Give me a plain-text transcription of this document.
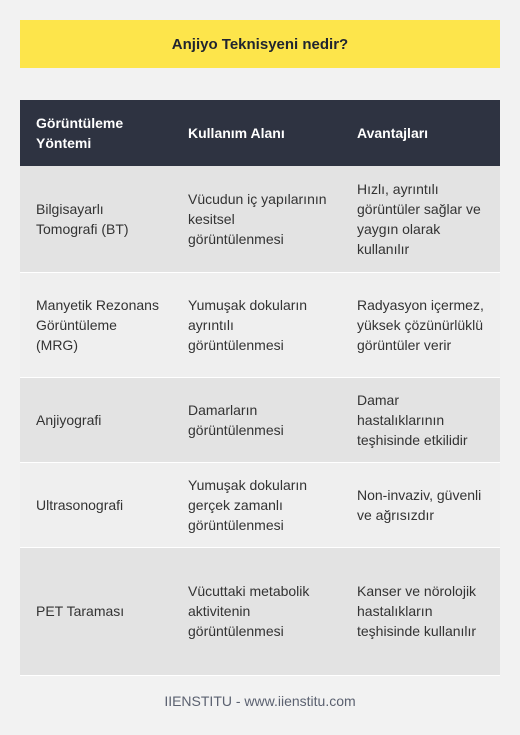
Anjiyo Teknisyeni nedir?
Görüntüleme Yöntemi	Kullanım Alanı	Avantajları
Bilgisayarlı Tomografi (BT)	Vücudun iç yapılarının kesitsel görüntülenmesi	Hızlı, ayrıntılı görüntüler sağlar ve yaygın olarak kullanılır
Manyetik Rezonans Görüntüleme (MRG)	Yumuşak dokuların ayrıntılı görüntülenmesi	Radyasyon içermez, yüksek çözünürlüklü görüntüler verir
Anjiyografi	Damarların görüntülenmesi	Damar hastalıklarının teşhisinde etkilidir
Ultrasonografi	Yumuşak dokuların gerçek zamanlı görüntülenmesi	Non-invaziv, güvenli ve ağrısızdır
PET Taraması	Vücuttaki metabolik aktivitenin görüntülenmesi	Kanser ve nörolojik hastalıkların teşhisinde kullanılır
IIENSTITU - www.iienstitu.com
